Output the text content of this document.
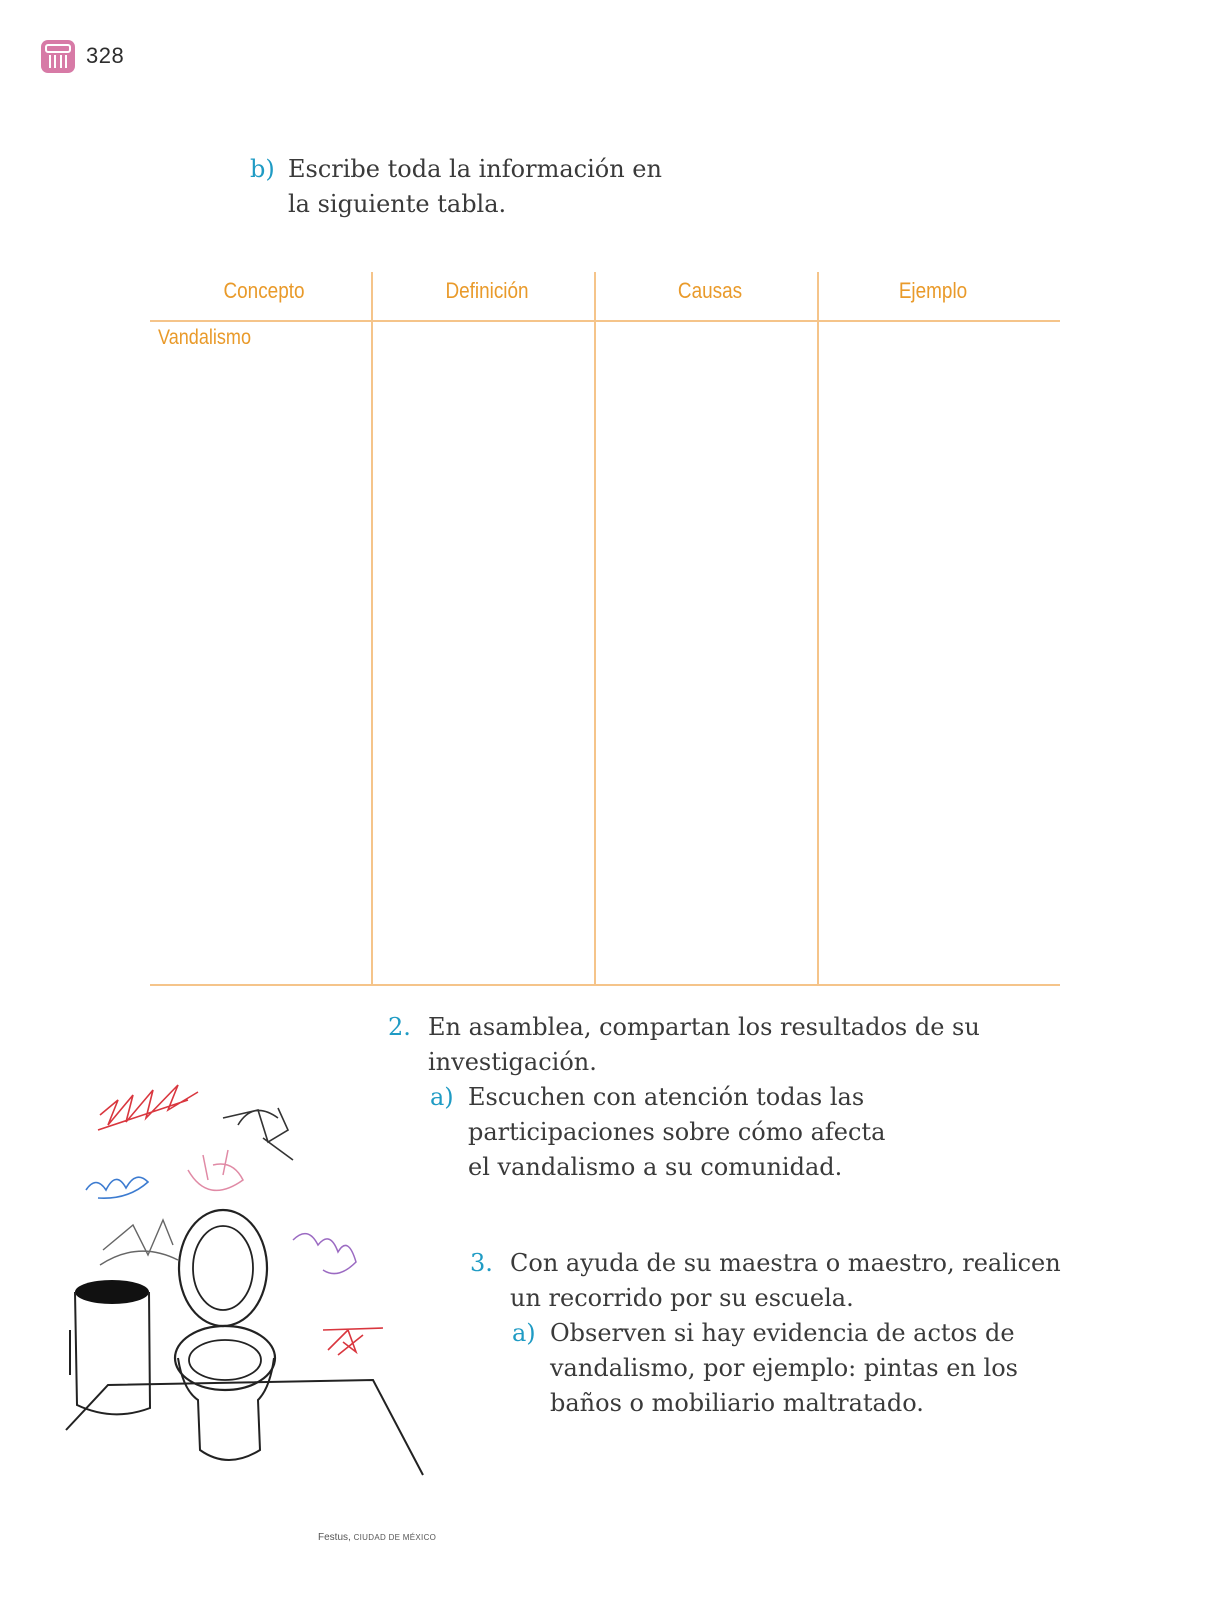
328
b) Escribe toda la información en
la siguiente tabla.
Concepto	Definición	Causas	Ejemplo
Vandalismo
2. En asamblea, compartan los resultados de su
investigación.
a) Escuchen con atención todas las
participaciones sobre cómo afecta
el vandalismo a su comunidad.
3. Con ayuda de su maestra o maestro, realicen
un recorrido por su escuela.
a) Observen si hay evidencia de actos de
vandalismo, por ejemplo: pintas en los
baños o mobiliario maltratado.
Festus, CIUDAD DE MÉXICO
